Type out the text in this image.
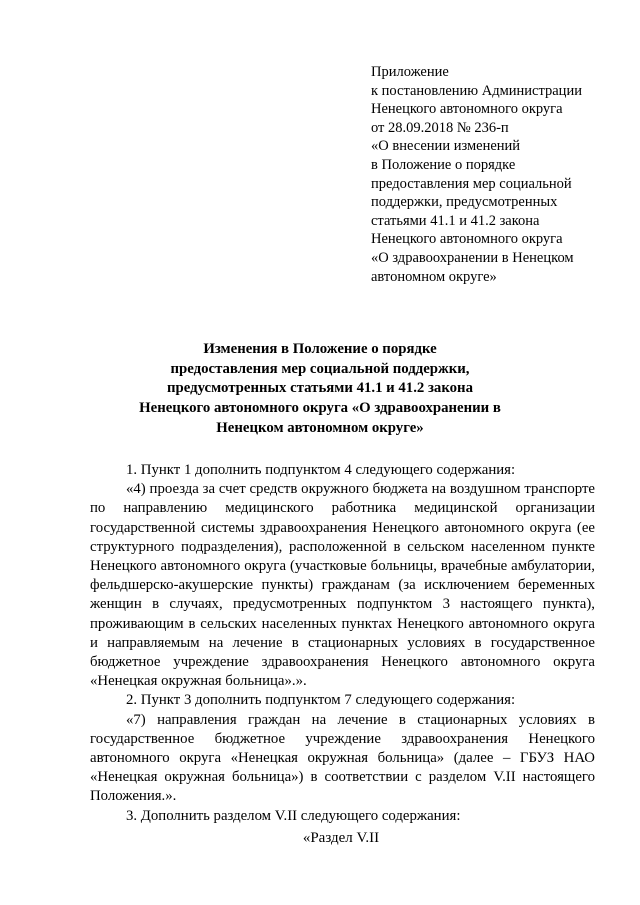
Приложение
к постановлению Администрации
Ненецкого автономного округа
от 28.09.2018 № 236-п
«О внесении изменений
в Положение о порядке
предоставления мер социальной
поддержки, предусмотренных
статьями 41.1 и 41.2 закона
Ненецкого автономного округа
«О здравоохранении в Ненецком
автономном округе»
Изменения в Положение о порядке
предоставления мер социальной поддержки,
предусмотренных статьями 41.1 и 41.2 закона
Ненецкого автономного округа «О здравоохранении в
Ненецком автономном округе»

1. Пункт 1 дополнить подпунктом 4 следующего содержания:

«4) проезда за счет средств окружного бюджета на воздушном транспорте по направлению медицинского работника медицинской организации государственной системы здравоохранения Ненецкого автономного округа (ее структурного подразделения), расположенной в сельском населенном пункте Ненецкого автономного округа (участковые больницы, врачебные амбулатории, фельдшерско-акушерские пункты) гражданам (за исключением беременных женщин в случаях, предусмотренных подпунктом 3 настоящего пункта), проживающим в сельских населенных пунктах Ненецкого автономного округа и направляемым на лечение в стационарных условиях в государственное бюджетное учреждение здравоохранения Ненецкого автономного округа «Ненецкая окружная больница».».

2. Пункт 3 дополнить подпунктом 7 следующего содержания:

«7) направления граждан на лечение в стационарных условиях в государственное бюджетное учреждение здравоохранения Ненецкого автономного округа «Ненецкая окружная больница» (далее – ГБУЗ НАО «Ненецкая окружная больница») в соответствии с разделом V.II настоящего Положения.».

3. Дополнить разделом V.II следующего содержания:

«Раздел V.II
